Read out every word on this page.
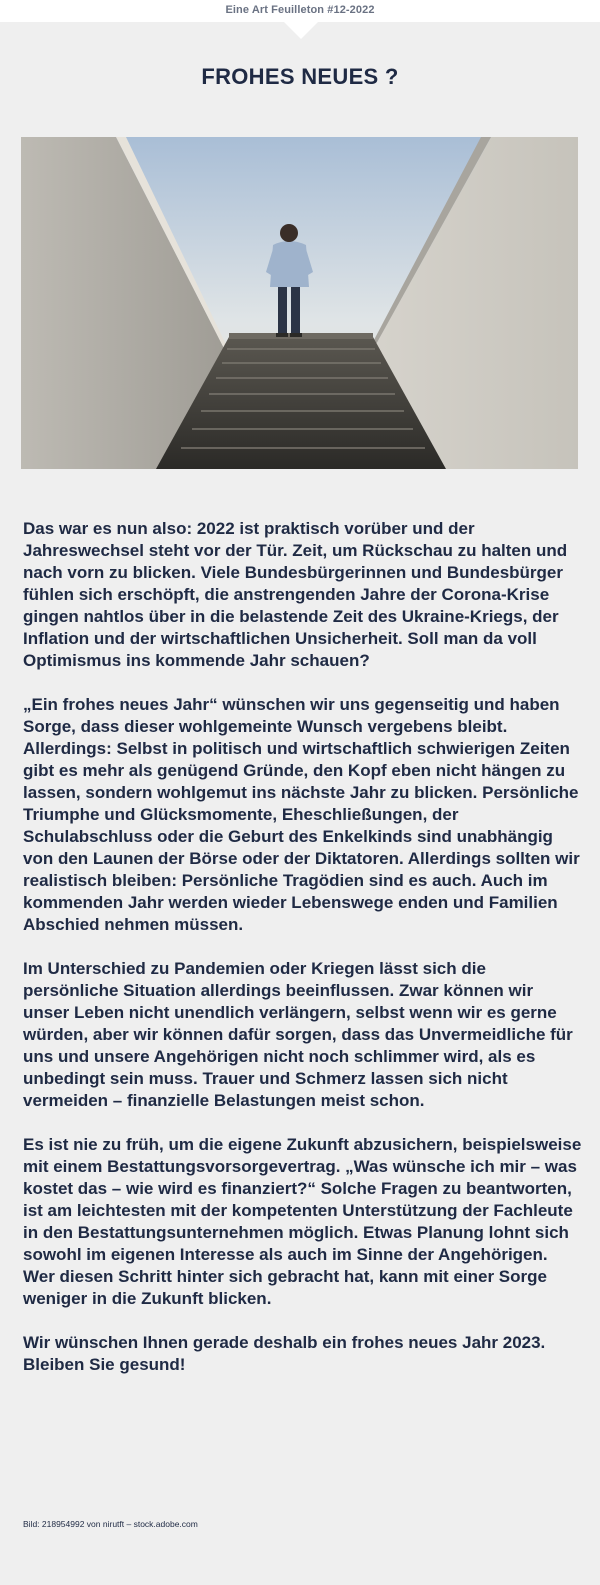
Eine Art Feuilleton #12-2022
FROHES NEUES ?

Das war es nun also: 2022 ist praktisch vorüber und der Jahreswechsel steht vor der Tür. Zeit, um Rückschau zu halten und nach vorn zu blicken. Viele Bundesbürgerinnen und Bundesbürger fühlen sich erschöpft, die anstrengenden Jahre der Corona-Krise gingen nahtlos über in die belastende Zeit des Ukraine-Kriegs, der Inflation und der wirtschaftlichen Unsicherheit. Soll man da voll Optimismus ins kommende Jahr schauen?

„Ein frohes neues Jahr“ wünschen wir uns gegenseitig und haben Sorge, dass dieser wohlgemeinte Wunsch vergebens bleibt. Allerdings: Selbst in politisch und wirtschaftlich schwierigen Zeiten gibt es mehr als genügend Gründe, den Kopf eben nicht hängen zu lassen, sondern wohlgemut ins nächste Jahr zu blicken. Persönliche Triumphe und Glücksmomente, Eheschließungen, der Schulabschluss oder die Geburt des Enkelkinds sind unabhängig von den Launen der Börse oder der Diktatoren. Allerdings sollten wir realistisch bleiben: Persönliche Tragödien sind es auch. Auch im kommenden Jahr werden wieder Lebenswege enden und Familien Abschied nehmen müssen.

Im Unterschied zu Pandemien oder Kriegen lässt sich die persönliche Situation allerdings beeinflussen. Zwar können wir unser Leben nicht unendlich verlängern, selbst wenn wir es gerne würden, aber wir können dafür sorgen, dass das Unvermeidliche für uns und unsere Angehörigen nicht noch schlimmer wird, als es unbedingt sein muss. Trauer und Schmerz lassen sich nicht vermeiden – finanzielle Belastungen meist schon.

Es ist nie zu früh, um die eigene Zukunft abzusichern, beispielsweise mit einem Bestattungsvorsorgevertrag. „Was wünsche ich mir – was kostet das – wie wird es finanziert?“ Solche Fragen zu beantworten, ist am leichtesten mit der kompetenten Unterstützung der Fachleute in den Bestattungsunternehmen möglich. Etwas Planung lohnt sich sowohl im eigenen Interesse als auch im Sinne der Angehörigen. Wer diesen Schritt hinter sich gebracht hat, kann mit einer Sorge weniger in die Zukunft blicken.

Wir wünschen Ihnen gerade deshalb ein frohes neues Jahr 2023. Bleiben Sie gesund!

Bild: 218954992 von nirutft – stock.adobe.com
